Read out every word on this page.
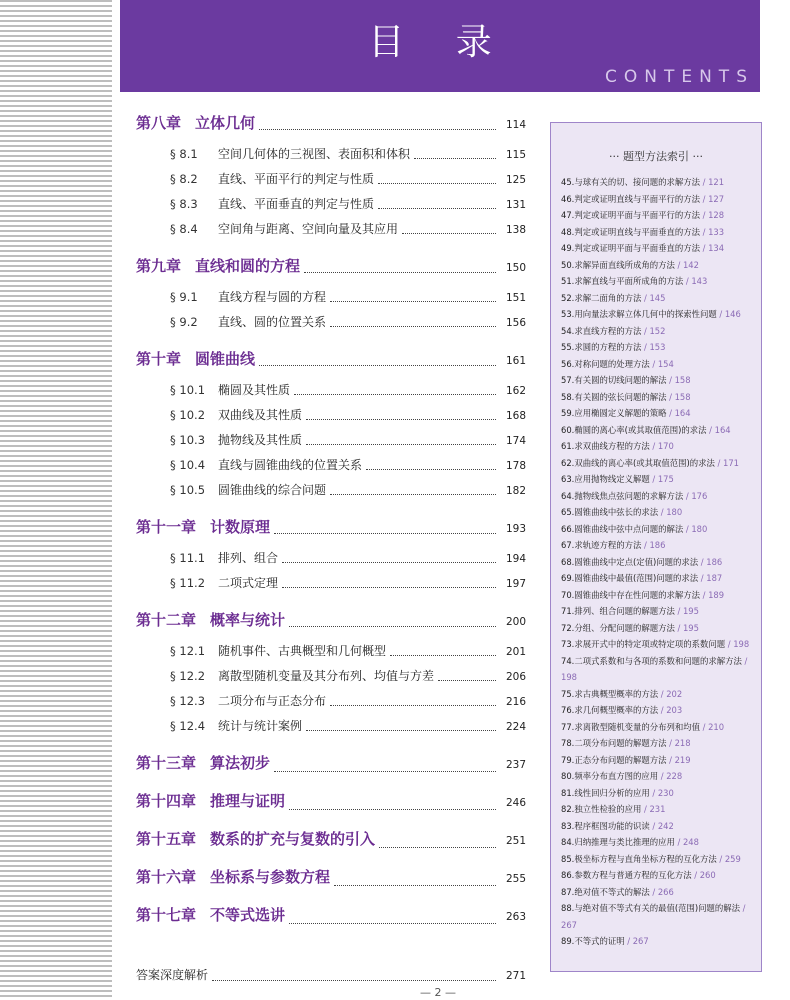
目 录
CONTENTS
第八章 立体几何	114
§ 8.1	空间几何体的三视图、表面积和体积	115
§ 8.2	直线、平面平行的判定与性质	125
§ 8.3	直线、平面垂直的判定与性质	131
§ 8.4	空间角与距离、空间向量及其应用	138
第九章 直线和圆的方程	150
§ 9.1	直线方程与圆的方程	151
§ 9.2	直线、圆的位置关系	156
第十章 圆锥曲线	161
§ 10.1	椭圆及其性质	162
§ 10.2	双曲线及其性质	168
§ 10.3	抛物线及其性质	174
§ 10.4	直线与圆锥曲线的位置关系	178
§ 10.5	圆锥曲线的综合问题	182
第十一章 计数原理	193
§ 11.1	排列、组合	194
§ 11.2	二项式定理	197
第十二章 概率与统计	200
§ 12.1	随机事件、古典概型和几何概型	201
§ 12.2	离散型随机变量及其分布列、均值与方差	206
§ 12.3	二项分布与正态分布	216
§ 12.4	统计与统计案例	224
第十三章 算法初步	237
第十四章 推理与证明	246
第十五章 数系的扩充与复数的引入	251
第十六章 坐标系与参数方程	255
第十七章 不等式选讲	263
答案深度解析	271
··· 题型方法索引 ···
45.与球有关的切、接问题的求解方法 / 121
46.判定或证明直线与平面平行的方法 / 127
47.判定或证明平面与平面平行的方法 / 128
48.判定或证明直线与平面垂直的方法 / 133
49.判定或证明平面与平面垂直的方法 / 134
50.求解异面直线所成角的方法 / 142
51.求解直线与平面所成角的方法 / 143
52.求解二面角的方法 / 145
53.用向量法求解立体几何中的探索性问题 / 146
54.求直线方程的方法 / 152
55.求圆的方程的方法 / 153
56.对称问题的处理方法 / 154
57.有关圆的切线问题的解法 / 158
58.有关圆的弦长问题的解法 / 158
59.应用椭圆定义解题的策略 / 164
60.椭圆的离心率(或其取值范围)的求法 / 164
61.求双曲线方程的方法 / 170
62.双曲线的离心率(或其取值范围)的求法 / 171
63.应用抛物线定义解题 / 175
64.抛物线焦点弦问题的求解方法 / 176
65.圆锥曲线中弦长的求法 / 180
66.圆锥曲线中弦中点问题的解法 / 180
67.求轨迹方程的方法 / 186
68.圆锥曲线中定点(定值)问题的求法 / 186
69.圆锥曲线中最值(范围)问题的求法 / 187
70.圆锥曲线中存在性问题的求解方法 / 189
71.排列、组合问题的解题方法 / 195
72.分组、分配问题的解题方法 / 195
73.求展开式中的特定项或特定项的系数问题 / 198
74.二项式系数和与各项的系数和问题的求解方法 / 198
75.求古典概型概率的方法 / 202
76.求几何概型概率的方法 / 203
77.求离散型随机变量的分布列和均值 / 210
78.二项分布问题的解题方法 / 218
79.正态分布问题的解题方法 / 219
80.频率分布直方图的应用 / 228
81.线性回归分析的应用 / 230
82.独立性检验的应用 / 231
83.程序框图功能的识读 / 242
84.归纳推理与类比推理的应用 / 248
85.极坐标方程与直角坐标方程的互化方法 / 259
86.参数方程与普通方程的互化方法 / 260
87.绝对值不等式的解法 / 266
88.与绝对值不等式有关的最值(范围)问题的解法 / 267
89.不等式的证明 / 267
— 2 —
